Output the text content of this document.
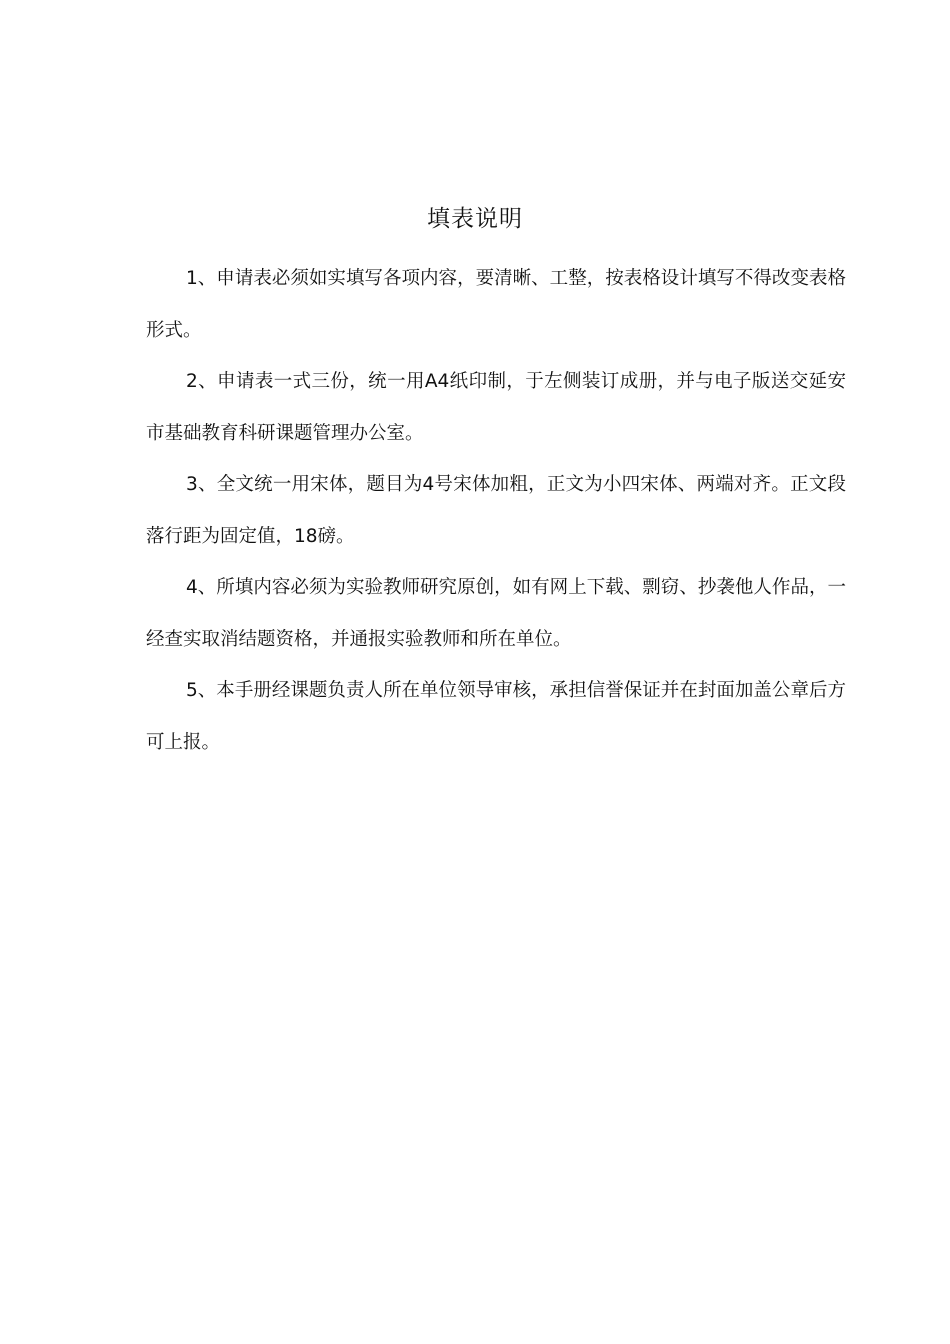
填表说明

1、申请表必须如实填写各项内容，要清晰、工整，按表格设计填写不得改变表格形式。

2、申请表一式三份，统一用A4纸印制，于左侧装订成册，并与电子版送交延安市基础教育科研课题管理办公室。

3、全文统一用宋体，题目为4号宋体加粗，正文为小四宋体、两端对齐。正文段落行距为固定值，18磅。

4、所填内容必须为实验教师研究原创，如有网上下载、剽窃、抄袭他人作品，一经查实取消结题资格，并通报实验教师和所在单位。

5、本手册经课题负责人所在单位领导审核，承担信誉保证并在封面加盖公章后方可上报。
